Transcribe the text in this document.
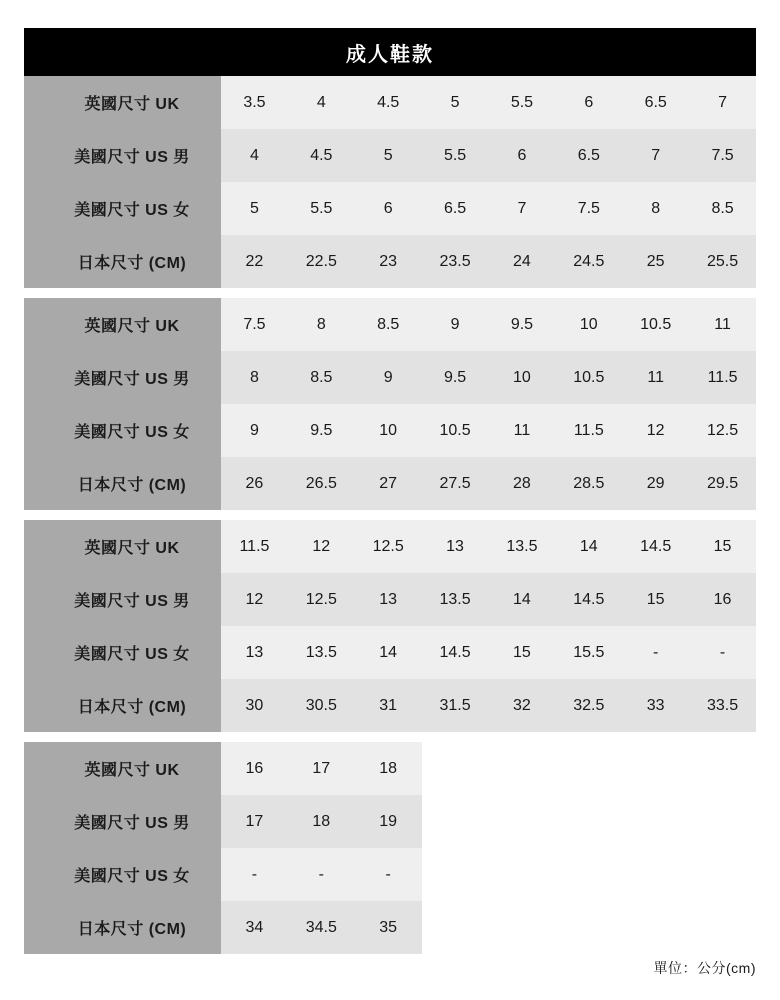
成人鞋款
英國尺寸 UK	3.5	4	4.5	5	5.5	6	6.5	7
美國尺寸 US 男	4	4.5	5	5.5	6	6.5	7	7.5
美國尺寸 US 女	5	5.5	6	6.5	7	7.5	8	8.5
日本尺寸 (CM)	22	22.5	23	23.5	24	24.5	25	25.5
英國尺寸 UK	7.5	8	8.5	9	9.5	10	10.5	11
美國尺寸 US 男	8	8.5	9	9.5	10	10.5	11	11.5
美國尺寸 US 女	9	9.5	10	10.5	11	11.5	12	12.5
日本尺寸 (CM)	26	26.5	27	27.5	28	28.5	29	29.5
英國尺寸 UK	11.5	12	12.5	13	13.5	14	14.5	15
美國尺寸 US 男	12	12.5	13	13.5	14	14.5	15	16
美國尺寸 US 女	13	13.5	14	14.5	15	15.5	-	-
日本尺寸 (CM)	30	30.5	31	31.5	32	32.5	33	33.5
英國尺寸 UK	16	17	18					
美國尺寸 US 男	17	18	19					
美國尺寸 US 女	-	-	-					
日本尺寸 (CM)	34	34.5	35					
單位：公分(cm)
